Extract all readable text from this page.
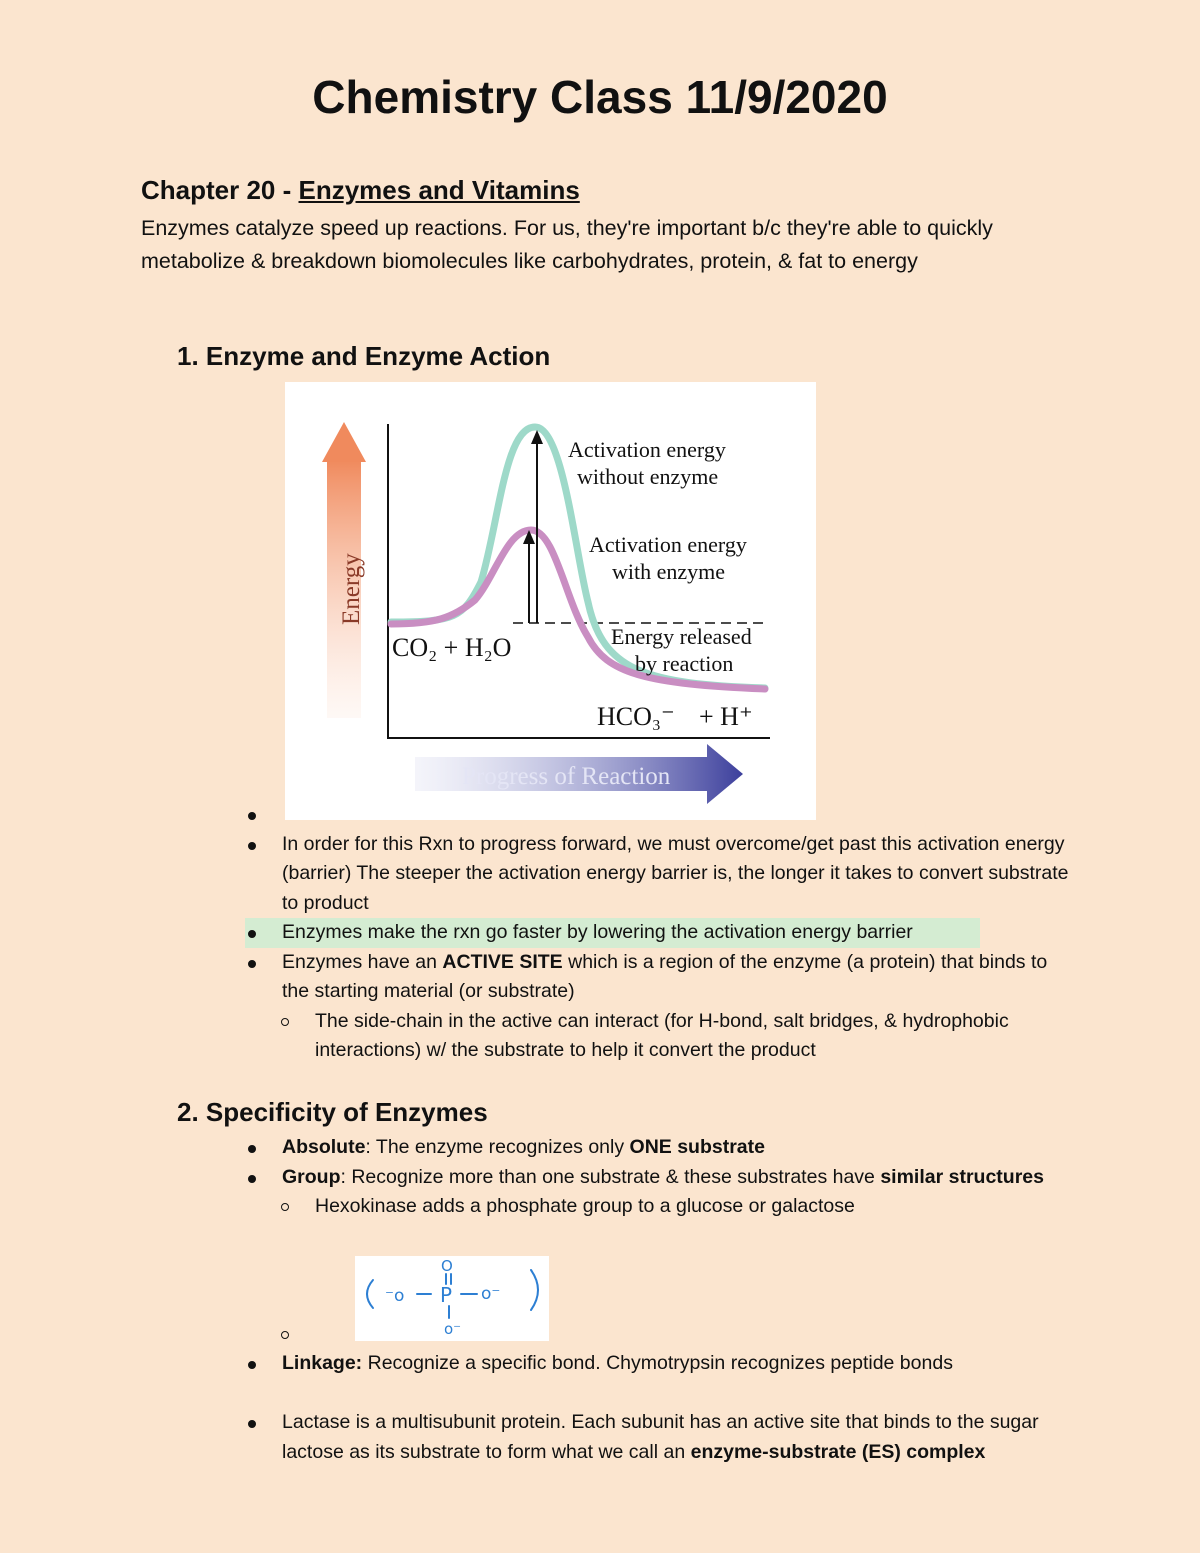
Chemistry Class 11/9/2020

Chapter 20 - Enzymes and Vitamins

Enzymes catalyze speed up reactions. For us, they're important b/c they're able to quickly metabolize & breakdown biomolecules like carbohydrates, protein, & fat to energy

1. Enzyme and Enzyme Action
Energy
Activation energy
without enzyme
Activation energy
with enzyme
Energy released
by reaction
CO₂ + H₂O
HCO₃⁻ + H⁺
Progress of Reaction

In order for this Rxn to progress forward, we must overcome/get past this activation energy (barrier) The steeper the activation energy barrier is, the longer it takes to convert substrate to product
Enzymes make the rxn go faster by lowering the activation energy barrier
Enzymes have an ACTIVE SITE which is a region of the enzyme (a protein) that binds to the starting material (or substrate)
The side-chain in the active can interact (for H-bond, salt bridges, & hydrophobic interactions) w/ the substrate to help it convert the product
2. Specificity of Enzymes
Absolute: The enzyme recognizes only ONE substrate
Group: Recognize more than one substrate & these substrates have similar structures
Hexokinase adds a phosphate group to a glucose or galactose
⁻o P o⁻
O
o⁻

Linkage: Recognize a specific bond. Chymotrypsin recognizes peptide bonds
Lactase is a multisubunit protein. Each subunit has an active site that binds to the sugar lactose as its substrate to form what we call an enzyme-substrate (ES) complex
